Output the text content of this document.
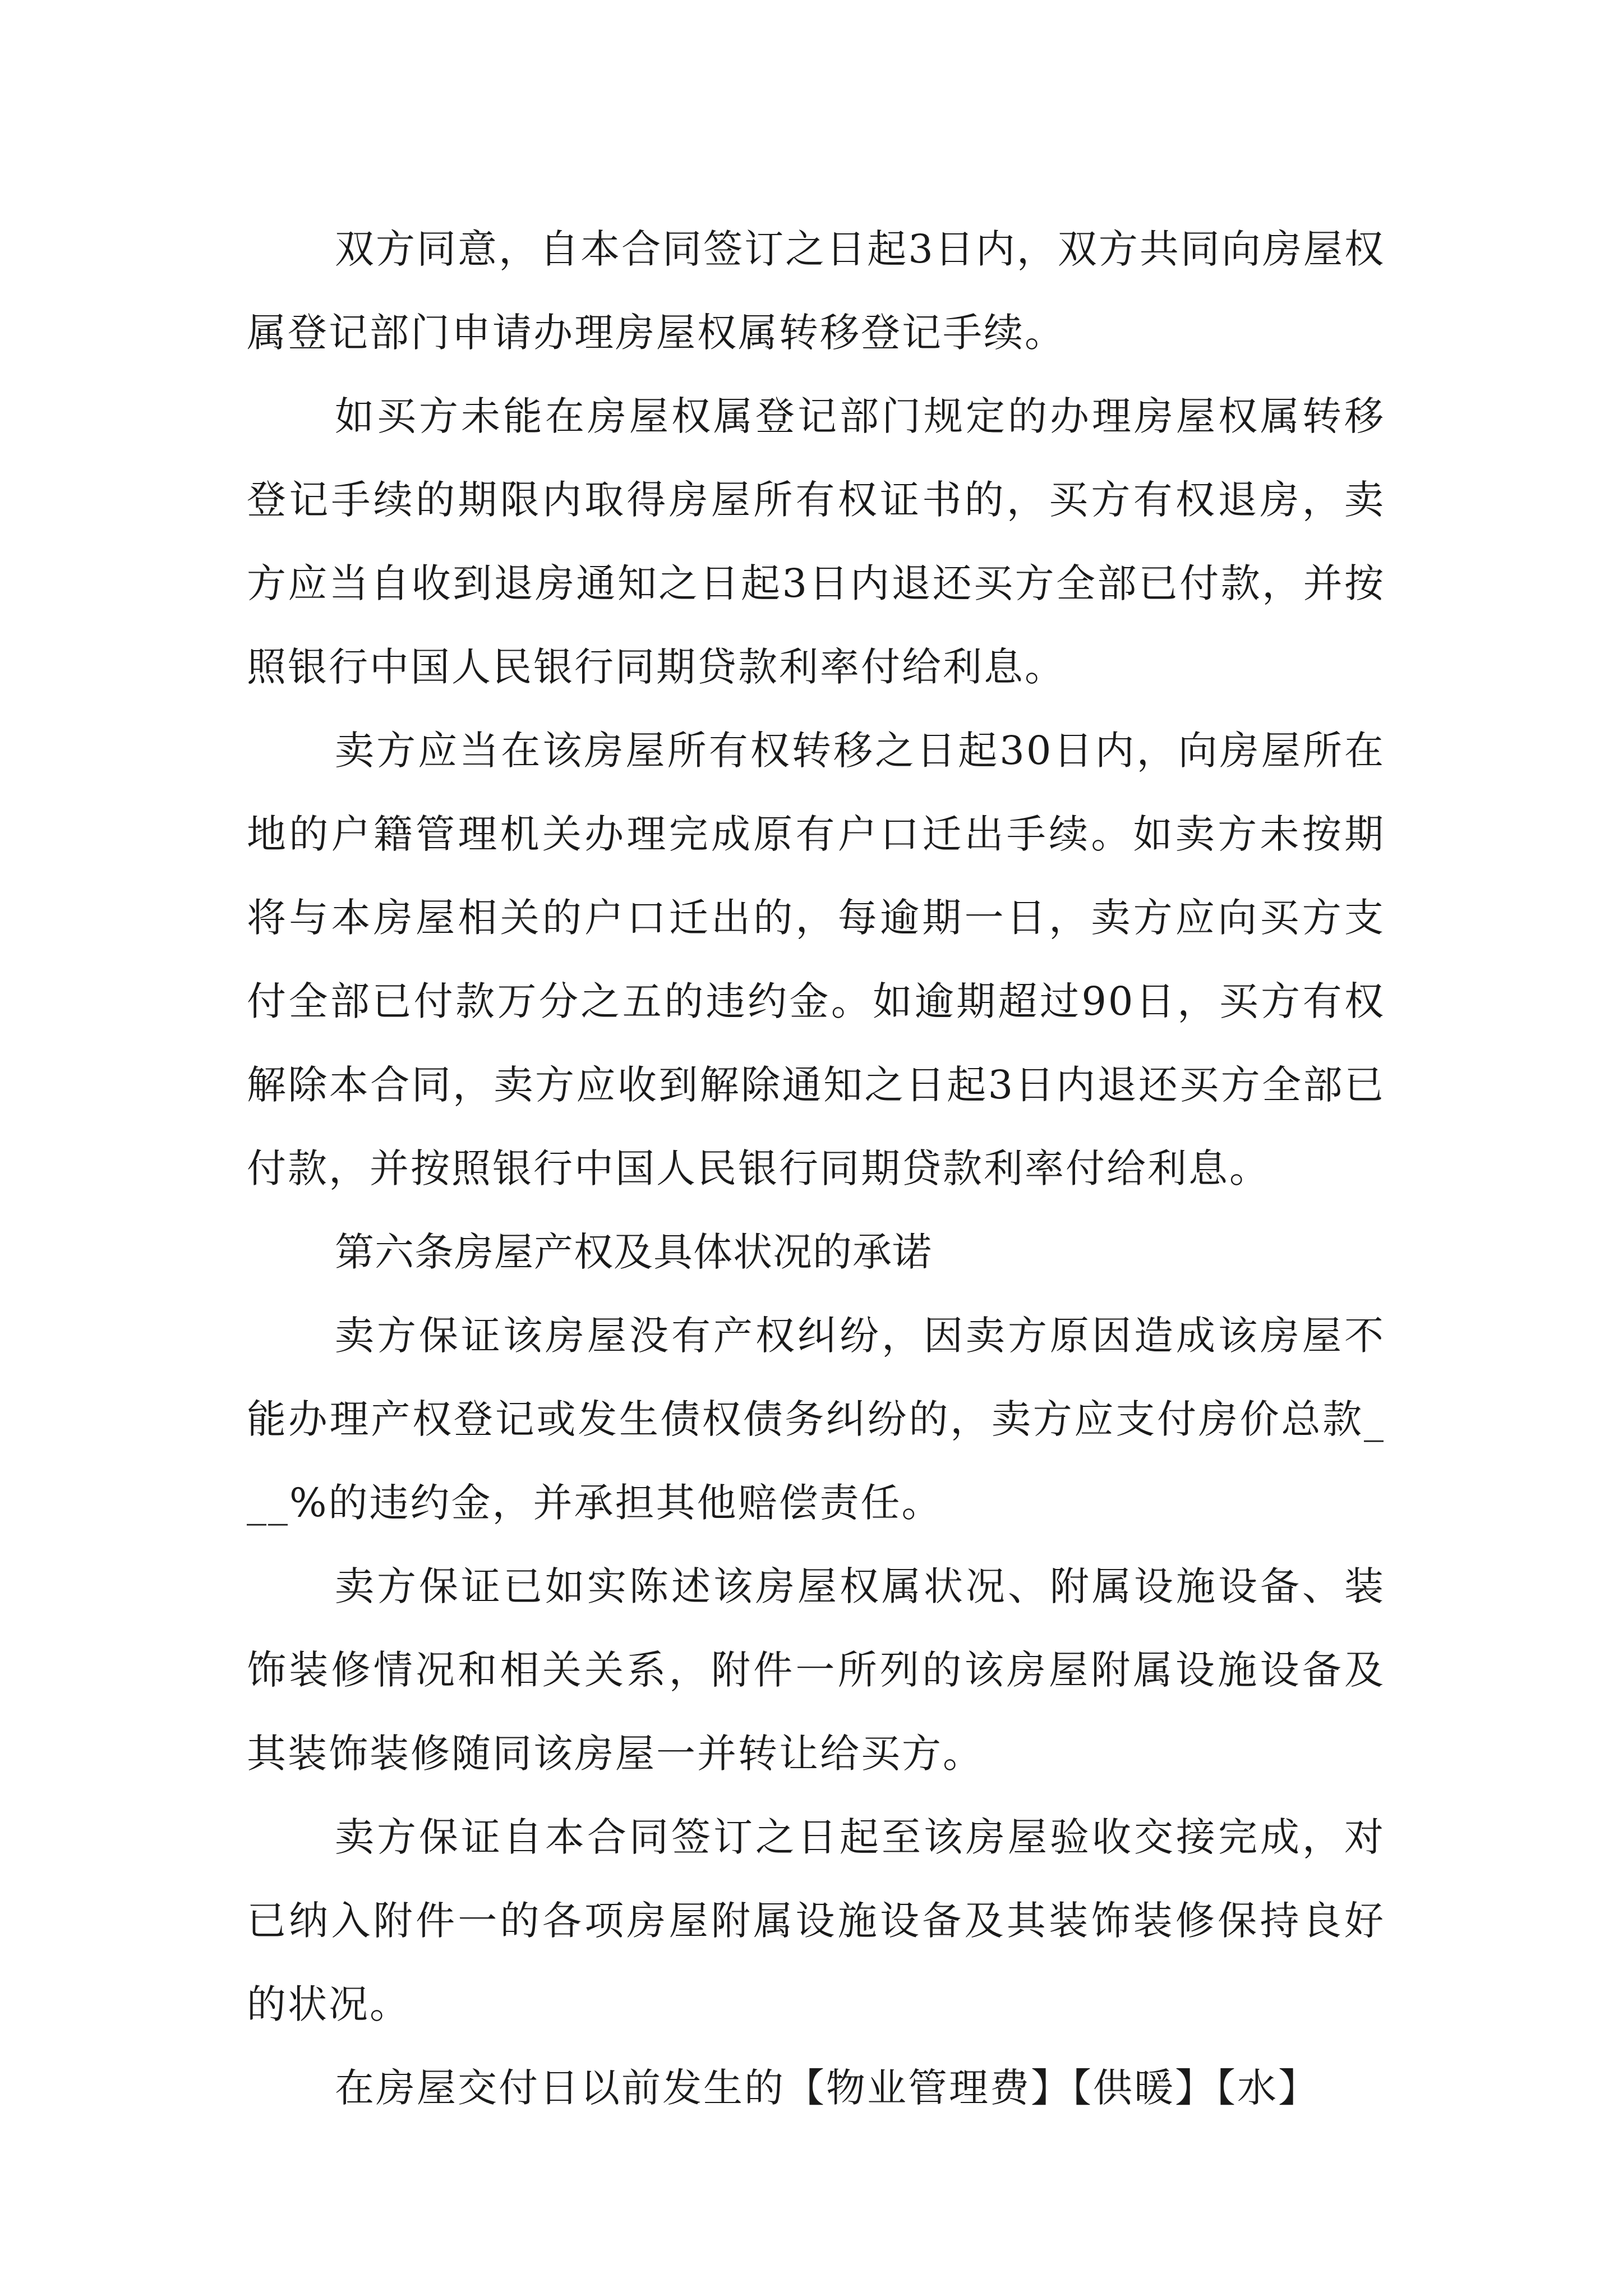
双方同意，自本合同签订之日起3日内，双方共同向房屋权属登记部门申请办理房屋权属转移登记手续。

如买方未能在房屋权属登记部门规定的办理房屋权属转移登记手续的期限内取得房屋所有权证书的，买方有权退房，卖方应当自收到退房通知之日起3日内退还买方全部已付款，并按照银行中国人民银行同期贷款利率付给利息。

卖方应当在该房屋所有权转移之日起30日内，向房屋所在地的户籍管理机关办理完成原有户口迁出手续。如卖方未按期将与本房屋相关的户口迁出的，每逾期一日，卖方应向买方支付全部已付款万分之五的违约金。如逾期超过90日，买方有权解除本合同，卖方应收到解除通知之日起3日内退还买方全部已付款，并按照银行中国人民银行同期贷款利率付给利息。

第六条房屋产权及具体状况的承诺

卖方保证该房屋没有产权纠纷，因卖方原因造成该房屋不能办理产权登记或发生债权债务纠纷的，卖方应支付房价总款___%的违约金，并承担其他赔偿责任。

卖方保证已如实陈述该房屋权属状况、附属设施设备、装饰装修情况和相关关系，附件一所列的该房屋附属设施设备及其装饰装修随同该房屋一并转让给买方。

卖方保证自本合同签订之日起至该房屋验收交接完成，对已纳入附件一的各项房屋附属设施设备及其装饰装修保持良好的状况。

在房屋交付日以前发生的【物业管理费】【供暖】【水】
